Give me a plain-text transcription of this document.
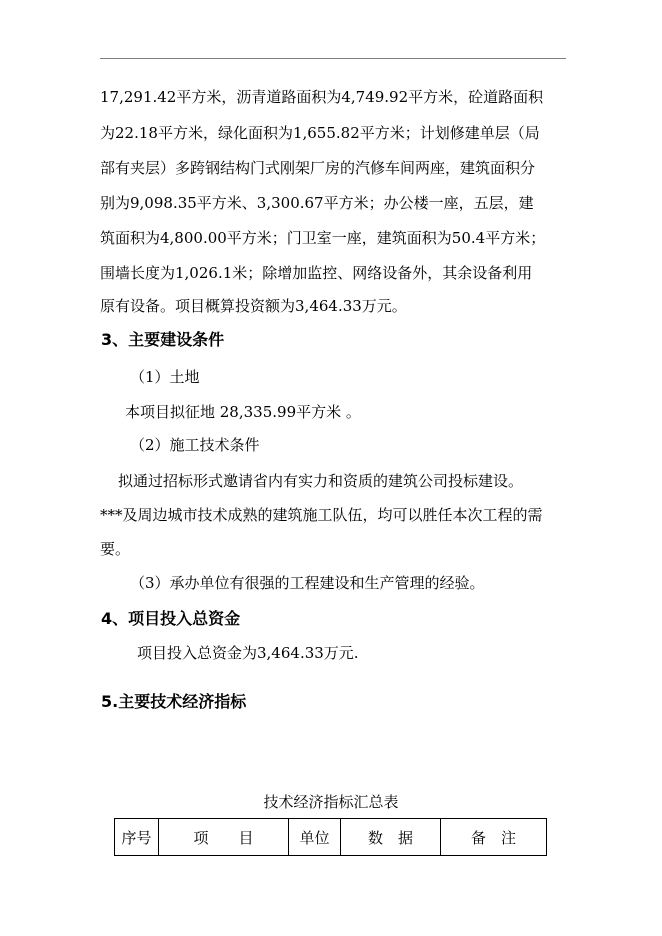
17,291.42平方米，沥青道路面积为4,749.92平方米，砼道路面积
为22.18平方米，绿化面积为1,655.82平方米；计划修建单层（局
部有夹层）多跨钢结构门式刚架厂房的汽修车间两座，建筑面积分
别为9,098.35平方米、3,300.67平方米；办公楼一座，五层，建
筑面积为4,800.00平方米；门卫室一座，建筑面积为50.4平方米；
围墙长度为1,026.1米；除增加监控、网络设备外，其余设备利用
原有设备。项目概算投资额为3,464.33万元。
3、主要建设条件
（1）土地
本项目拟征地 28,335.99平方米 。
（2）施工技术条件
拟通过招标形式邀请省内有实力和资质的建筑公司投标建设。
***及周边城市技术成熟的建筑施工队伍，均可以胜任本次工程的需
要。
（3）承办单位有很强的工程建设和生产管理的经验。
4、项目投入总资金
项目投入总资金为3,464.33万元.
5.主要技术经济指标
技术经济指标汇总表
序号	项　　目	单位	数　据	备　注
